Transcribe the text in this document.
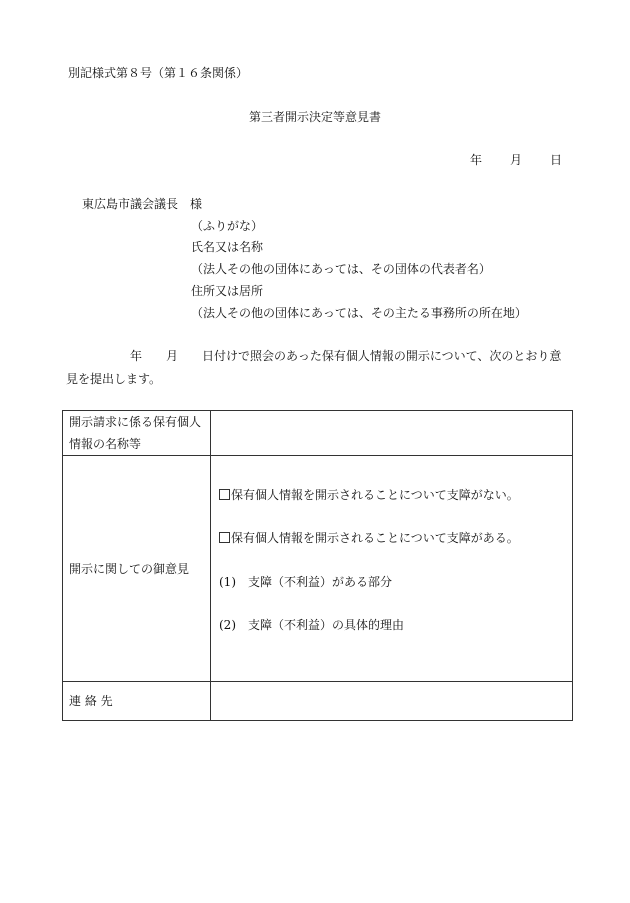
別記様式第８号（第１６条関係）
第三者開示決定等意見書
年 月 日
東広島市議会議長　様
（ふりがな）
氏名又は名称
（法人その他の団体にあっては、その団体の代表者名）
住所又は居所
（法人その他の団体にあっては、その主たる事務所の所在地）
年　　月　　日付けで照会のあった保有個人情報の開示について、次のとおり意
見を提出します。
開示請求に係る保有個人
情報の名称等	

開示に関しての御意見	保有個人情報を開示されることについて支障がない。
保有個人情報を開示されることについて支障がある。
(1)　支障（不利益）がある部分
(2)　支障（不利益）の具体的理由

連 絡 先	
